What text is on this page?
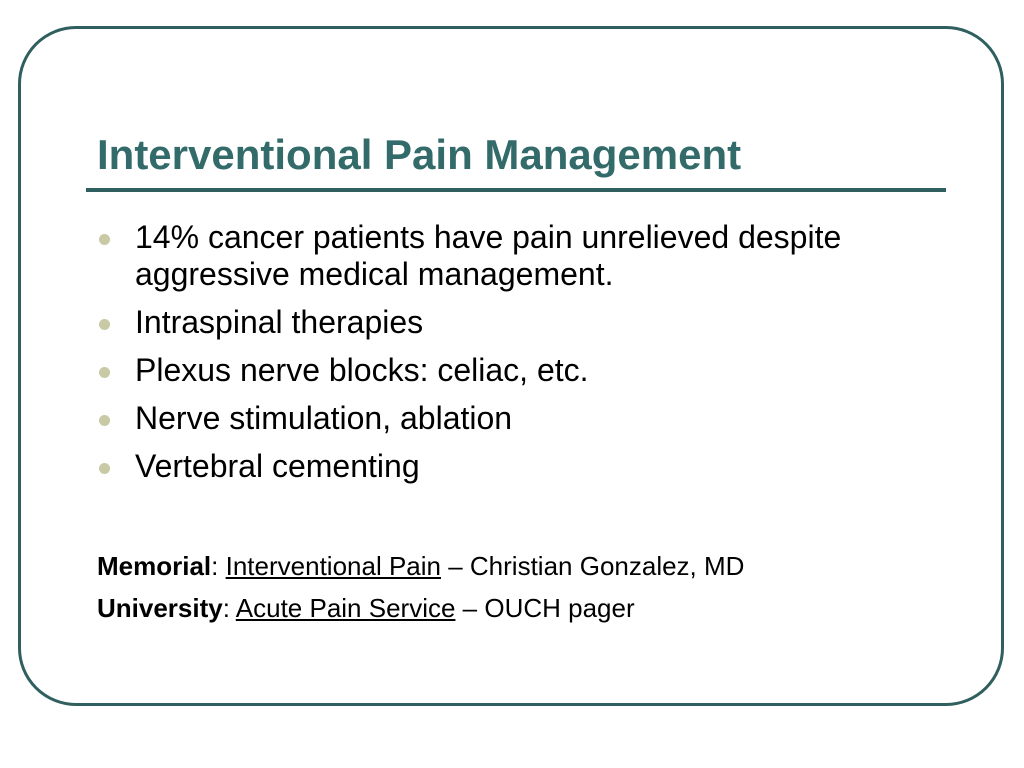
Interventional Pain Management
14% cancer patients have pain unrelieved despite aggressive medical management.
Intraspinal therapies
Plexus nerve blocks: celiac, etc.
Nerve stimulation, ablation
Vertebral cementing
Memorial: Interventional Pain – Christian Gonzalez, MD
University: Acute Pain Service – OUCH pager
